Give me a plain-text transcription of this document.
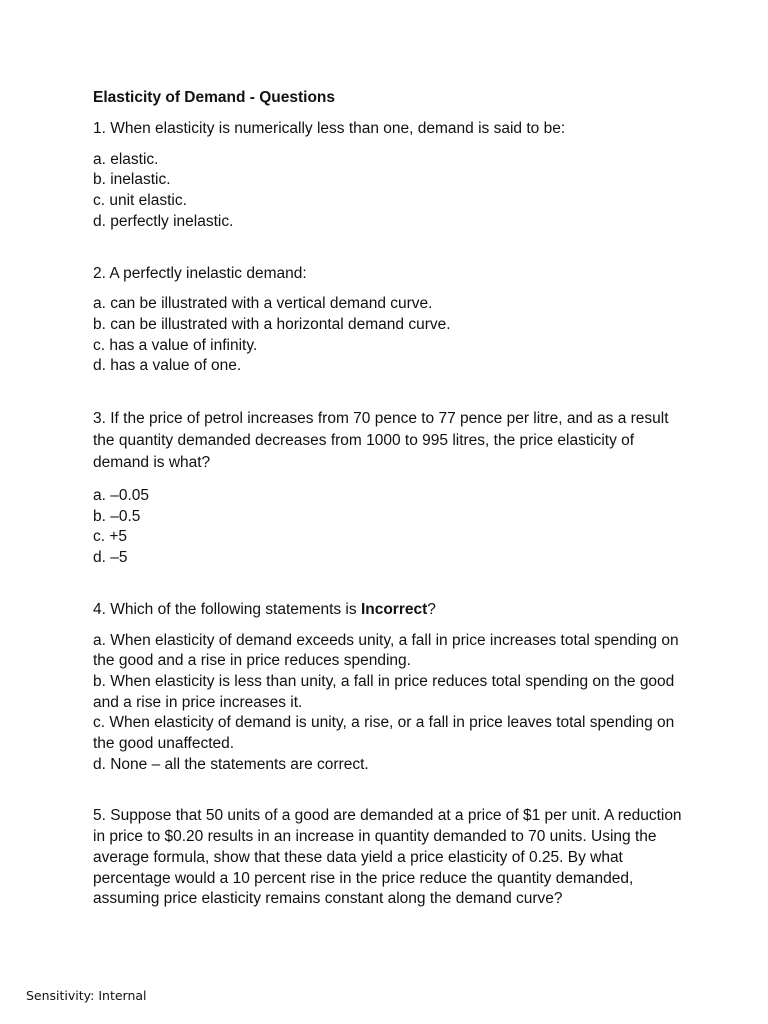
Elasticity of Demand - Questions
1. When elasticity is numerically less than one, demand is said to be:
a. elastic.
b. inelastic.
c. unit elastic.
d. perfectly inelastic.
2. A perfectly inelastic demand:
a. can be illustrated with a vertical demand curve.
b. can be illustrated with a horizontal demand curve.
c. has a value of infinity.
d. has a value of one.
3. If the price of petrol increases from 70 pence to 77 pence per litre, and as a result the quantity demanded decreases from 1000 to 995 litres, the price elasticity of demand is what?
a. –0.05
b. –0.5
c. +5
d. –5
4. Which of the following statements is Incorrect?
a. When elasticity of demand exceeds unity, a fall in price increases total spending on the good and a rise in price reduces spending.
b. When elasticity is less than unity, a fall in price reduces total spending on the good and a rise in price increases it.
c. When elasticity of demand is unity, a rise, or a fall in price leaves total spending on the good unaffected.
d. None – all the statements are correct.
5. Suppose that 50 units of a good are demanded at a price of $1 per unit. A reduction in price to $0.20 results in an increase in quantity demanded to 70 units. Using the average formula, show that these data yield a price elasticity of 0.25. By what percentage would a 10 percent rise in the price reduce the quantity demanded, assuming price elasticity remains constant along the demand curve?
Sensitivity: Internal
